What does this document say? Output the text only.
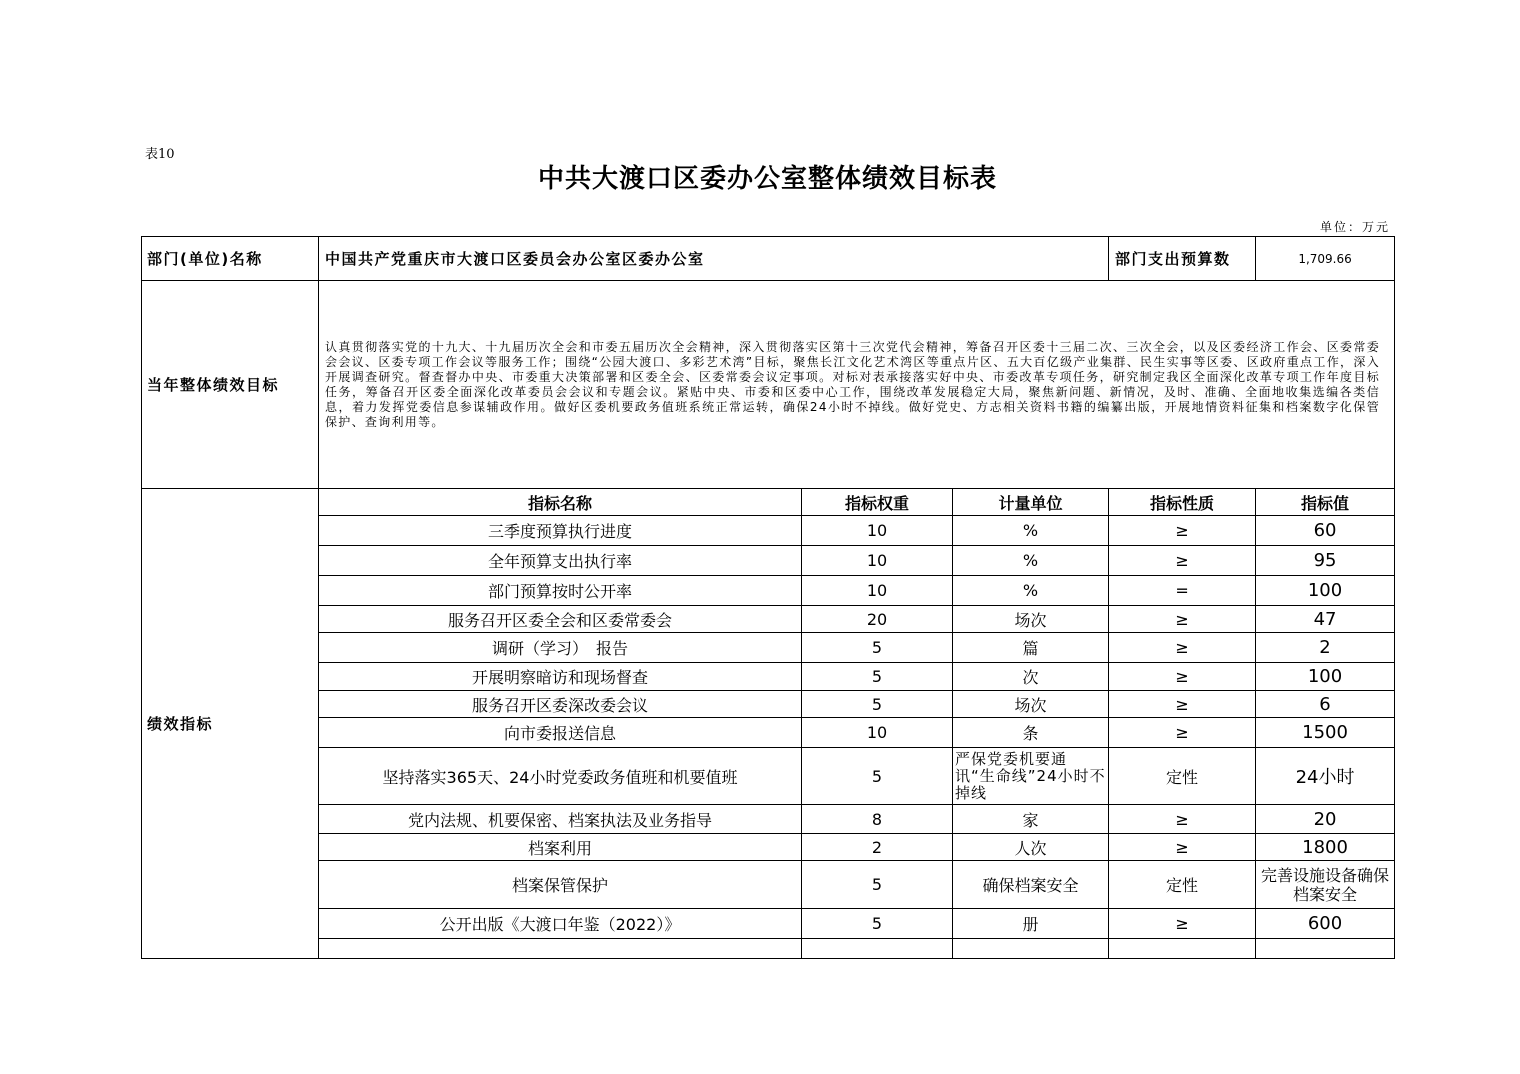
表10
中共大渡口区委办公室整体绩效目标表
单位：万元
部门(单位)名称	中国共产党重庆市大渡口区委员会办公室区委办公室			部门支出预算数	1,709.66
当年整体绩效目标	认真贯彻落实党的十九大、十九届历次全会和市委五届历次全会精神，深入贯彻落实区第十三次党代会精神，筹备召开区委十三届二次、三次全会，以及区委经济工作会、区委常委会会议、区委专项工作会议等服务工作；围绕“公园大渡口、多彩艺术湾”目标，聚焦长江文化艺术湾区等重点片区、五大百亿级产业集群、民生实事等区委、区政府重点工作，深入开展调查研究。督查督办中央、市委重大决策部署和区委全会、区委常委会议定事项。对标对表承接落实好中央、市委改革专项任务，研究制定我区全面深化改革专项工作年度目标任务，筹备召开区委全面深化改革委员会会议和专题会议。紧贴中央、市委和区委中心工作，围绕改革发展稳定大局，聚焦新问题、新情况，及时、准确、全面地收集选编各类信息，着力发挥党委信息参谋辅政作用。做好区委机要政务值班系统正常运转，确保24小时不掉线。做好党史、方志相关资料书籍的编纂出版，开展地情资料征集和档案数字化保管保护、查询利用等。				
绩效指标	指标名称	指标权重	计量单位	指标性质	指标值
	三季度预算执行进度	10	%	≥	60
	全年预算支出执行率	10	%	≥	95
	部门预算按时公开率	10	%	=	100
	服务召开区委全会和区委常委会	20	场次	≥	47
	调研（学习）　报告	5	篇	≥	2
	开展明察暗访和现场督查	5	次	≥	100
	服务召开区委深改委会议	5	场次	≥	6
	向市委报送信息	10	条	≥	1500
	坚持落实365天、24小时党委政务值班和机要值班	5	严保党委机要通讯“生命线”24小时不掉线	定性	24小时
	党内法规、机要保密、档案执法及业务指导	8	家	≥	20
	档案利用	2	人次	≥	1800
	档案保管保护	5	确保档案安全	定性	完善设施设备确保档案安全
	公开出版《大渡口年鉴（2022）》	5	册	≥	600
